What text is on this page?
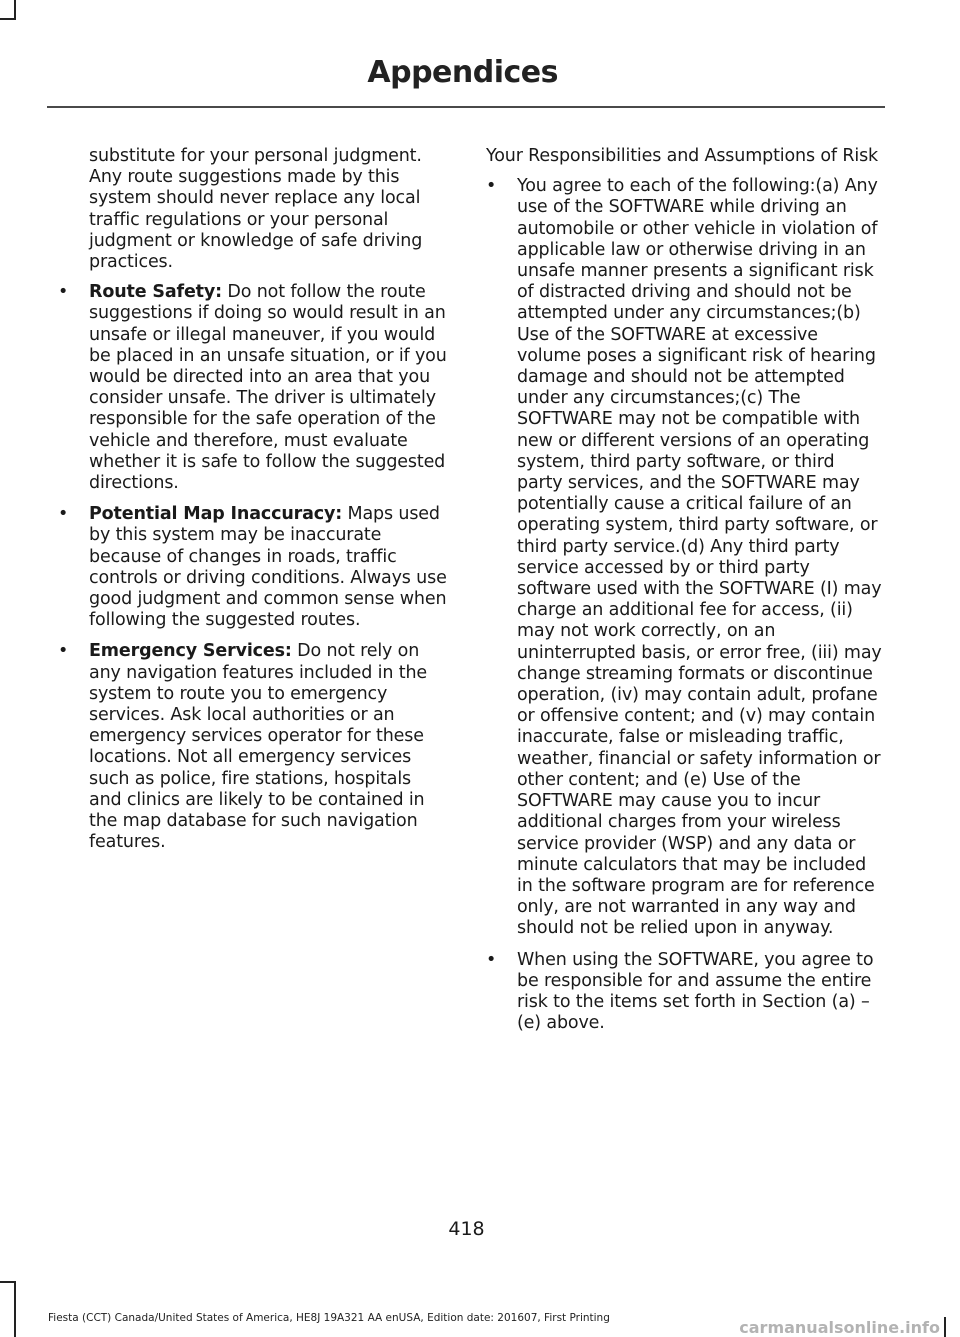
Appendices

substitute for your personal judgment. Any route suggestions made by this system should never replace any local traffic regulations or your personal judgment or knowledge of safe driving practices.

• Route Safety: Do not follow the route suggestions if doing so would result in an unsafe or illegal maneuver, if you would be placed in an unsafe situation, or if you would be directed into an area that you consider unsafe. The driver is ultimately responsible for the safe operation of the vehicle and therefore, must evaluate whether it is safe to follow the suggested directions.
• Potential Map Inaccuracy: Maps used by this system may be inaccurate because of changes in roads, traffic controls or driving conditions. Always use good judgment and common sense when following the suggested routes.
• Emergency Services: Do not rely on any navigation features included in the system to route you to emergency services. Ask local authorities or an emergency services operator for these locations. Not all emergency services such as police, fire stations, hospitals and clinics are likely to be contained in the map database for such navigation features.

Your Responsibilities and Assumptions of Risk

• You agree to each of the following:(a) Any use of the SOFTWARE while driving an automobile or other vehicle in violation of applicable law or otherwise driving in an unsafe manner presents a significant risk of distracted driving and should not be attempted under any circumstances;(b) Use of the SOFTWARE at excessive volume poses a significant risk of hearing damage and should not be attempted under any circumstances;(c) The SOFTWARE may not be compatible with new or different versions of an operating system, third party software, or third party services, and the SOFTWARE may potentially cause a critical failure of an operating system, third party software, or third party service.(d) Any third party service accessed by or third party software used with the SOFTWARE (I) may charge an additional fee for access, (ii) may not work correctly, on an uninterrupted basis, or error free, (iii) may change streaming formats or discontinue operation, (iv) may contain adult, profane or offensive content; and (v) may contain inaccurate, false or misleading traffic, weather, financial or safety information or other content; and (e) Use of the SOFTWARE may cause you to incur additional charges from your wireless service provider (WSP) and any data or minute calculators that may be included in the software program are for reference only, are not warranted in any way and should not be relied upon in anyway.
• When using the SOFTWARE, you agree to be responsible for and assume the entire risk to the items set forth in Section (a) – (e) above.
418
Fiesta (CCT) Canada/United States of America, HE8J 19A321 AA enUSA, Edition date: 201607, First Printing	carmanualsonline.info
